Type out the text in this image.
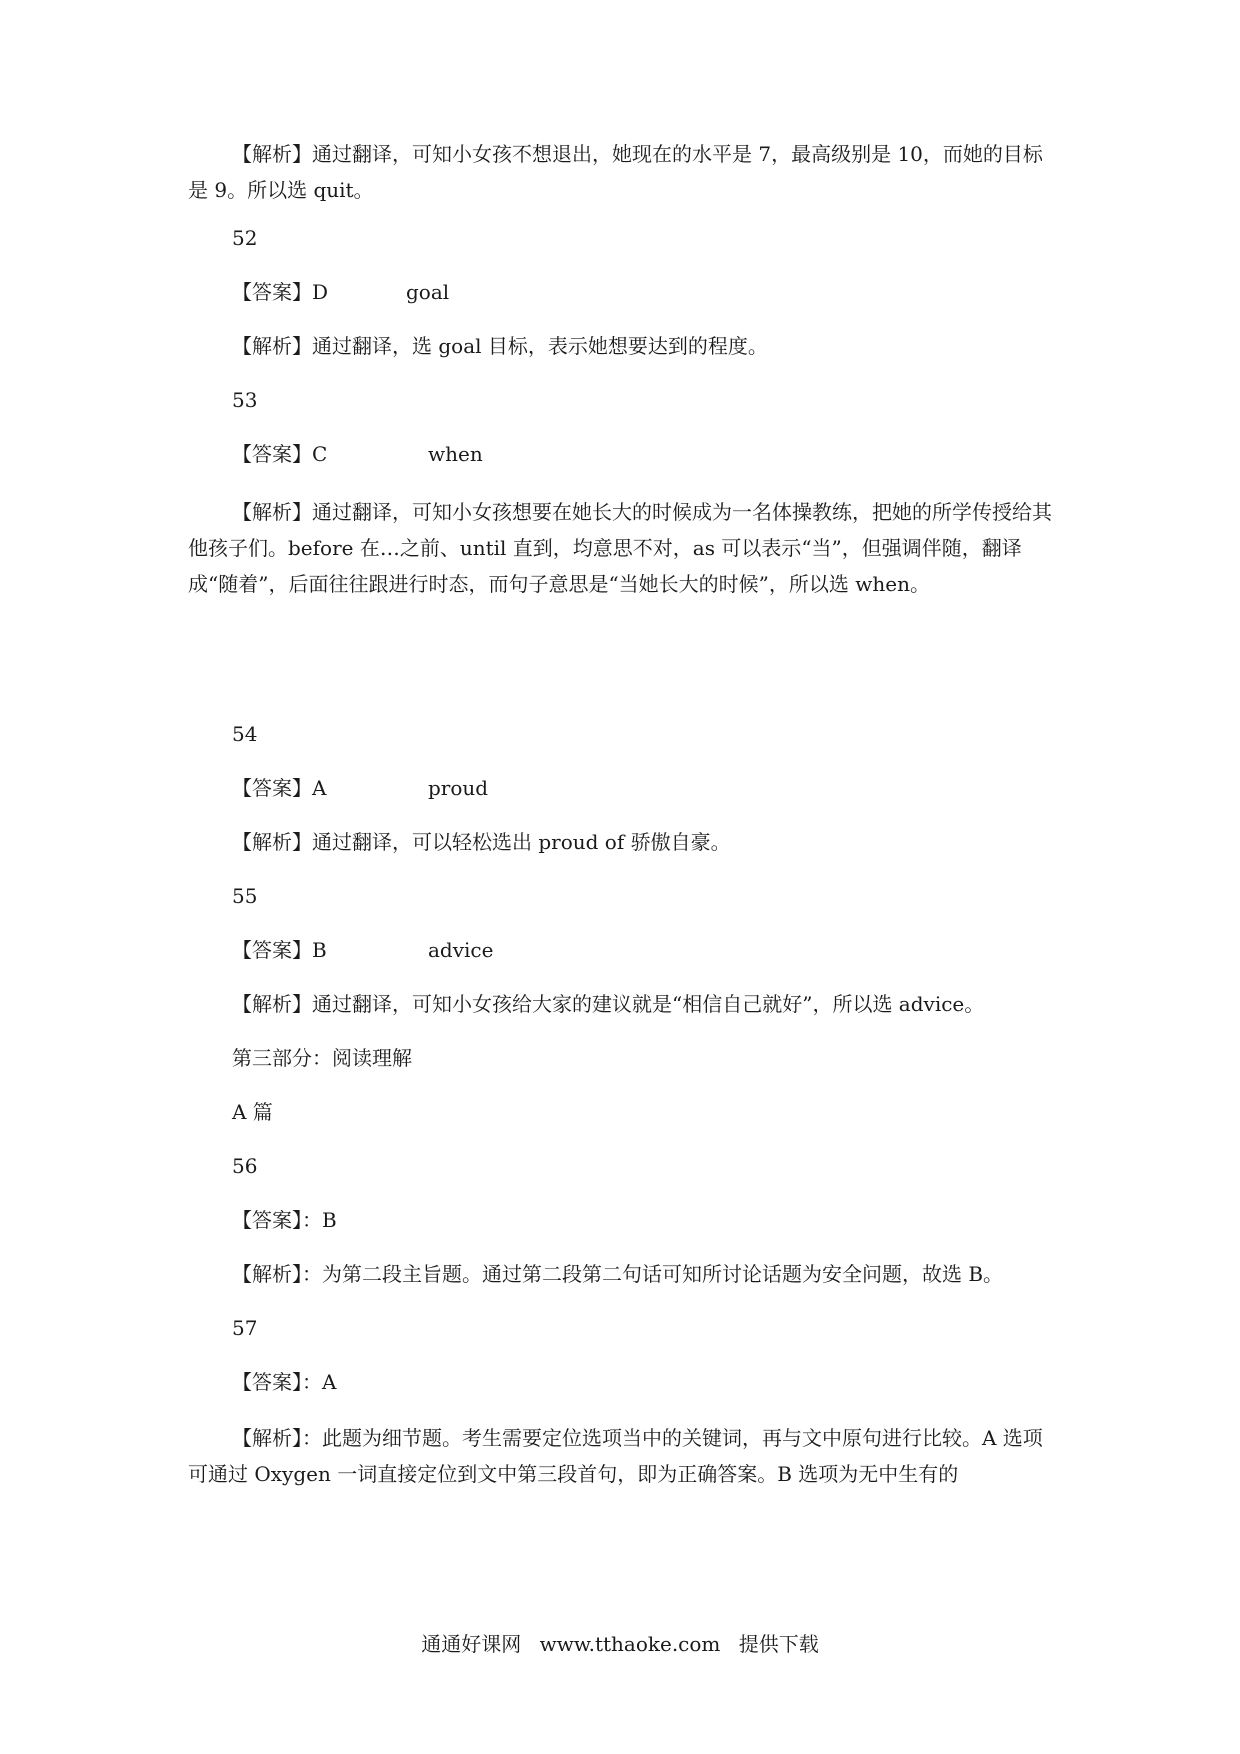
【解析】通过翻译，可知小女孩不想退出，她现在的水平是 7，最高级别是 10，而她的目标是 9。所以选 quit。
52
【答案】D	goal
【解析】通过翻译，选 goal 目标，表示她想要达到的程度。
53
【答案】C	when
【解析】通过翻译，可知小女孩想要在她长大的时候成为一名体操教练，把她的所学传授给其他孩子们。before 在…之前、until 直到，均意思不对，as 可以表示“当”，但强调伴随，翻译成“随着”，后面往往跟进行时态，而句子意思是“当她长大的时候”，所以选 when。
54
【答案】A	proud
【解析】通过翻译，可以轻松选出 proud of 骄傲自豪。
55
【答案】B	advice
【解析】通过翻译，可知小女孩给大家的建议就是“相信自己就好”，所以选 advice。
第三部分：阅读理解
A 篇
56
【答案】：B
【解析】：为第二段主旨题。通过第二段第二句话可知所讨论话题为安全问题，故选 B。
57
【答案】：A
【解析】：此题为细节题。考生需要定位选项当中的关键词，再与文中原句进行比较。A 选项可通过 Oxygen 一词直接定位到文中第三段首句，即为正确答案。B 选项为无中生有的
通通好课网 www.tthaoke.com 提供下载
